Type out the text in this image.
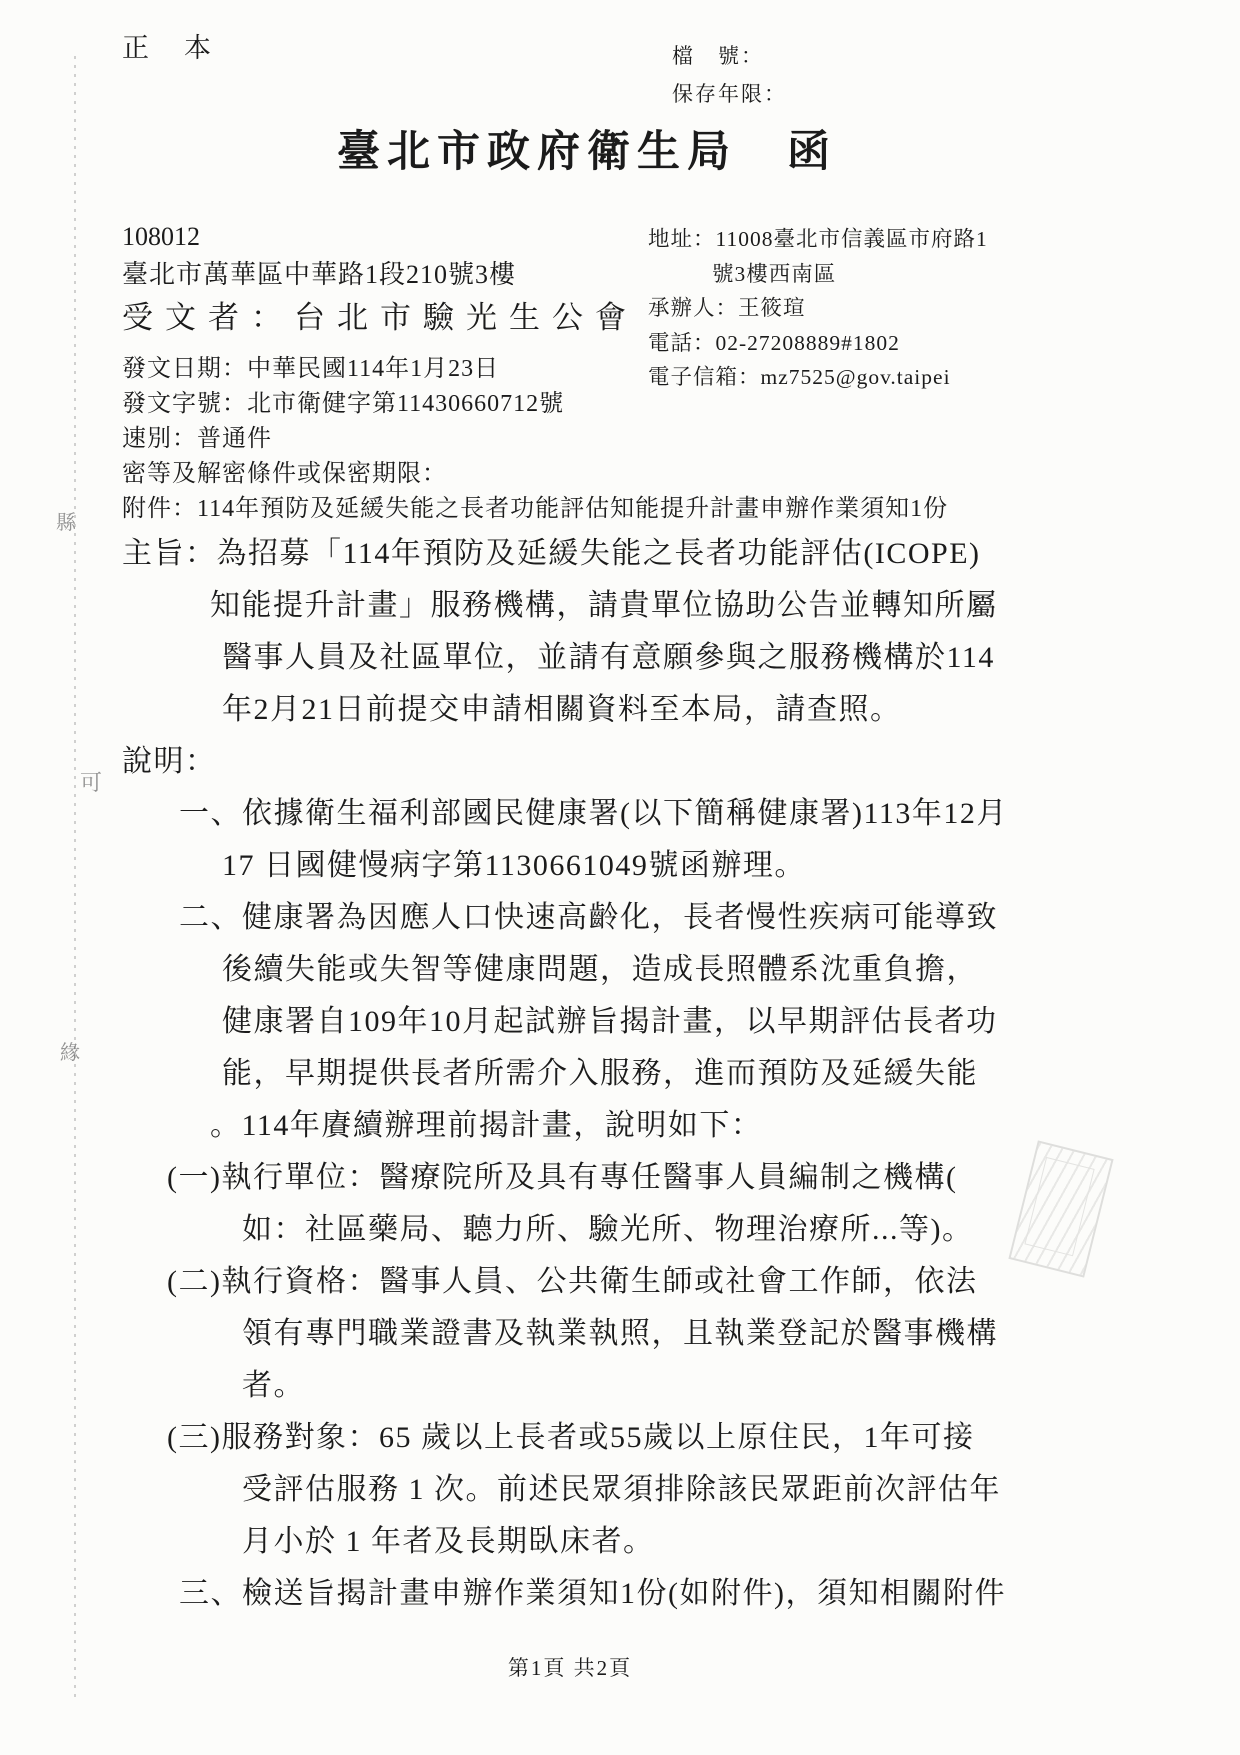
縣
可
緣
正　本	檔　號：
保存年限：
臺北市政府衛生局　函
108012
臺北市萬華區中華路1段210號3樓
受文者：台北市驗光生公會
地址：11008臺北市信義區市府路1
號3樓西南區
承辦人：王筱瑄
電話：02-27208889#1802
電子信箱：mz7525@gov.taipei
發文日期：中華民國114年1月23日
發文字號：北市衛健字第11430660712號
速別：普通件
密等及解密條件或保密期限：
附件：114年預防及延緩失能之長者功能評估知能提升計畫申辦作業須知1份
主旨：為招募「114年預防及延緩失能之長者功能評估(ICOPE)
知能提升計畫」服務機構，請貴單位協助公告並轉知所屬
醫事人員及社區單位，並請有意願參與之服務機構於114
年2月21日前提交申請相關資料至本局，請查照。
說明：
一、依據衛生福利部國民健康署(以下簡稱健康署)113年12月
17 日國健慢病字第1130661049號函辦理。
二、健康署為因應人口快速高齡化，長者慢性疾病可能導致
後續失能或失智等健康問題，造成長照體系沈重負擔，
健康署自109年10月起試辦旨揭計畫，以早期評估長者功
能，早期提供長者所需介入服務，進而預防及延緩失能
。114年賡續辦理前揭計畫，說明如下：
(一)執行單位：醫療院所及具有專任醫事人員編制之機構(
如：社區藥局、聽力所、驗光所、物理治療所...等)。
(二)執行資格：醫事人員、公共衛生師或社會工作師，依法
領有專門職業證書及執業執照，且執業登記於醫事機構
者。
(三)服務對象：65 歲以上長者或55歲以上原住民，1年可接
受評估服務 1 次。前述民眾須排除該民眾距前次評估年
月小於 1 年者及長期臥床者。
三、檢送旨揭計畫申辦作業須知1份(如附件)，須知相關附件
第1頁 共2頁
